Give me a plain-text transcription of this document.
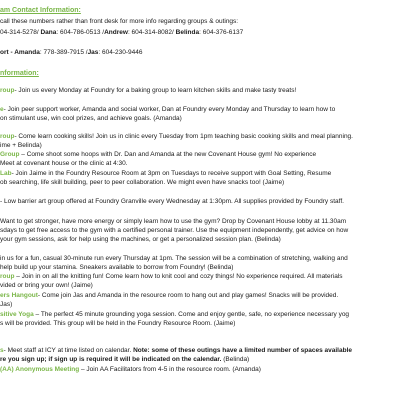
am Contact Information:
call these numbers rather than front desk for more info regarding groups & outings:
04-314-5278/ Dana: 604-786-0513 /Andrew: 604-314-8082/ Belinda: 604-376-6137
ort - Amanda: 778-389-7915 /Jas: 604-230-9446
nformation:
roup- Join us every Monday at Foundry for a baking group to learn kitchen skills and make tasty treats!
e- Join peer support worker, Amanda and social worker, Dan at Foundry every Monday and Thursday to learn how to
on stimulant use, win cool prizes, and achieve goals. (Amanda)
roup- Come learn cooking skills! Join us in clinic every Tuesday from 1pm teaching basic cooking skills and meal planning.
ime + Belinda)
Group – Come shoot some hoops with Dr. Dan and Amanda at the new Covenant House gym! No experience
Meet at covenant house or the clinic at 4:30.
Lab- Join Jaime in the Foundry Resource Room at 3pm on Tuesdays to receive support with Goal Setting, Resume
ob searching, life skill building, peer to peer collaboration. We might even have snacks too! (Jaime)
- Low barrier art group offered at Foundry Granville every Wednesday at 1:30pm. All supplies provided by Foundry staff.
Want to get stronger, have more energy or simply learn how to use the gym? Drop by Covenant House lobby at 11.30am
sdays to get free access to the gym with a certified personal trainer. Use the equipment independently, get advice on how
your gym sessions, ask for help using the machines, or get a personalized session plan. (Belinda)
in us for a fun, casual 30-minute run every Thursday at 1pm. The session will be a combination of stretching, walking and
help build up your stamina. Sneakers available to borrow from Foundry! (Belinda)
roup – Join in on all the knitting fun! Come learn how to knit cool and cozy things! No experience required. All materials
vided or bring your own! (Jaime)
ers Hangout- Come join Jas and Amanda in the resource room to hang out and play games! Snacks will be provided.
Jas)
sitive Yoga – The perfect 45 minute grounding yoga session. Come and enjoy gentle, safe, no experience necessary yog
s will be provided. This group will be held in the Foundry Resource Room. (Jaime)
s- Meet staff at ICY at time listed on calendar. Note: some of these outings have a limited number of spaces available
re you sign up; if sign up is required it will be indicated on the calendar. (Belinda)
(AA) Anonymous Meeting – Join AA Facilitators from 4-5 in the resource room. (Amanda)
